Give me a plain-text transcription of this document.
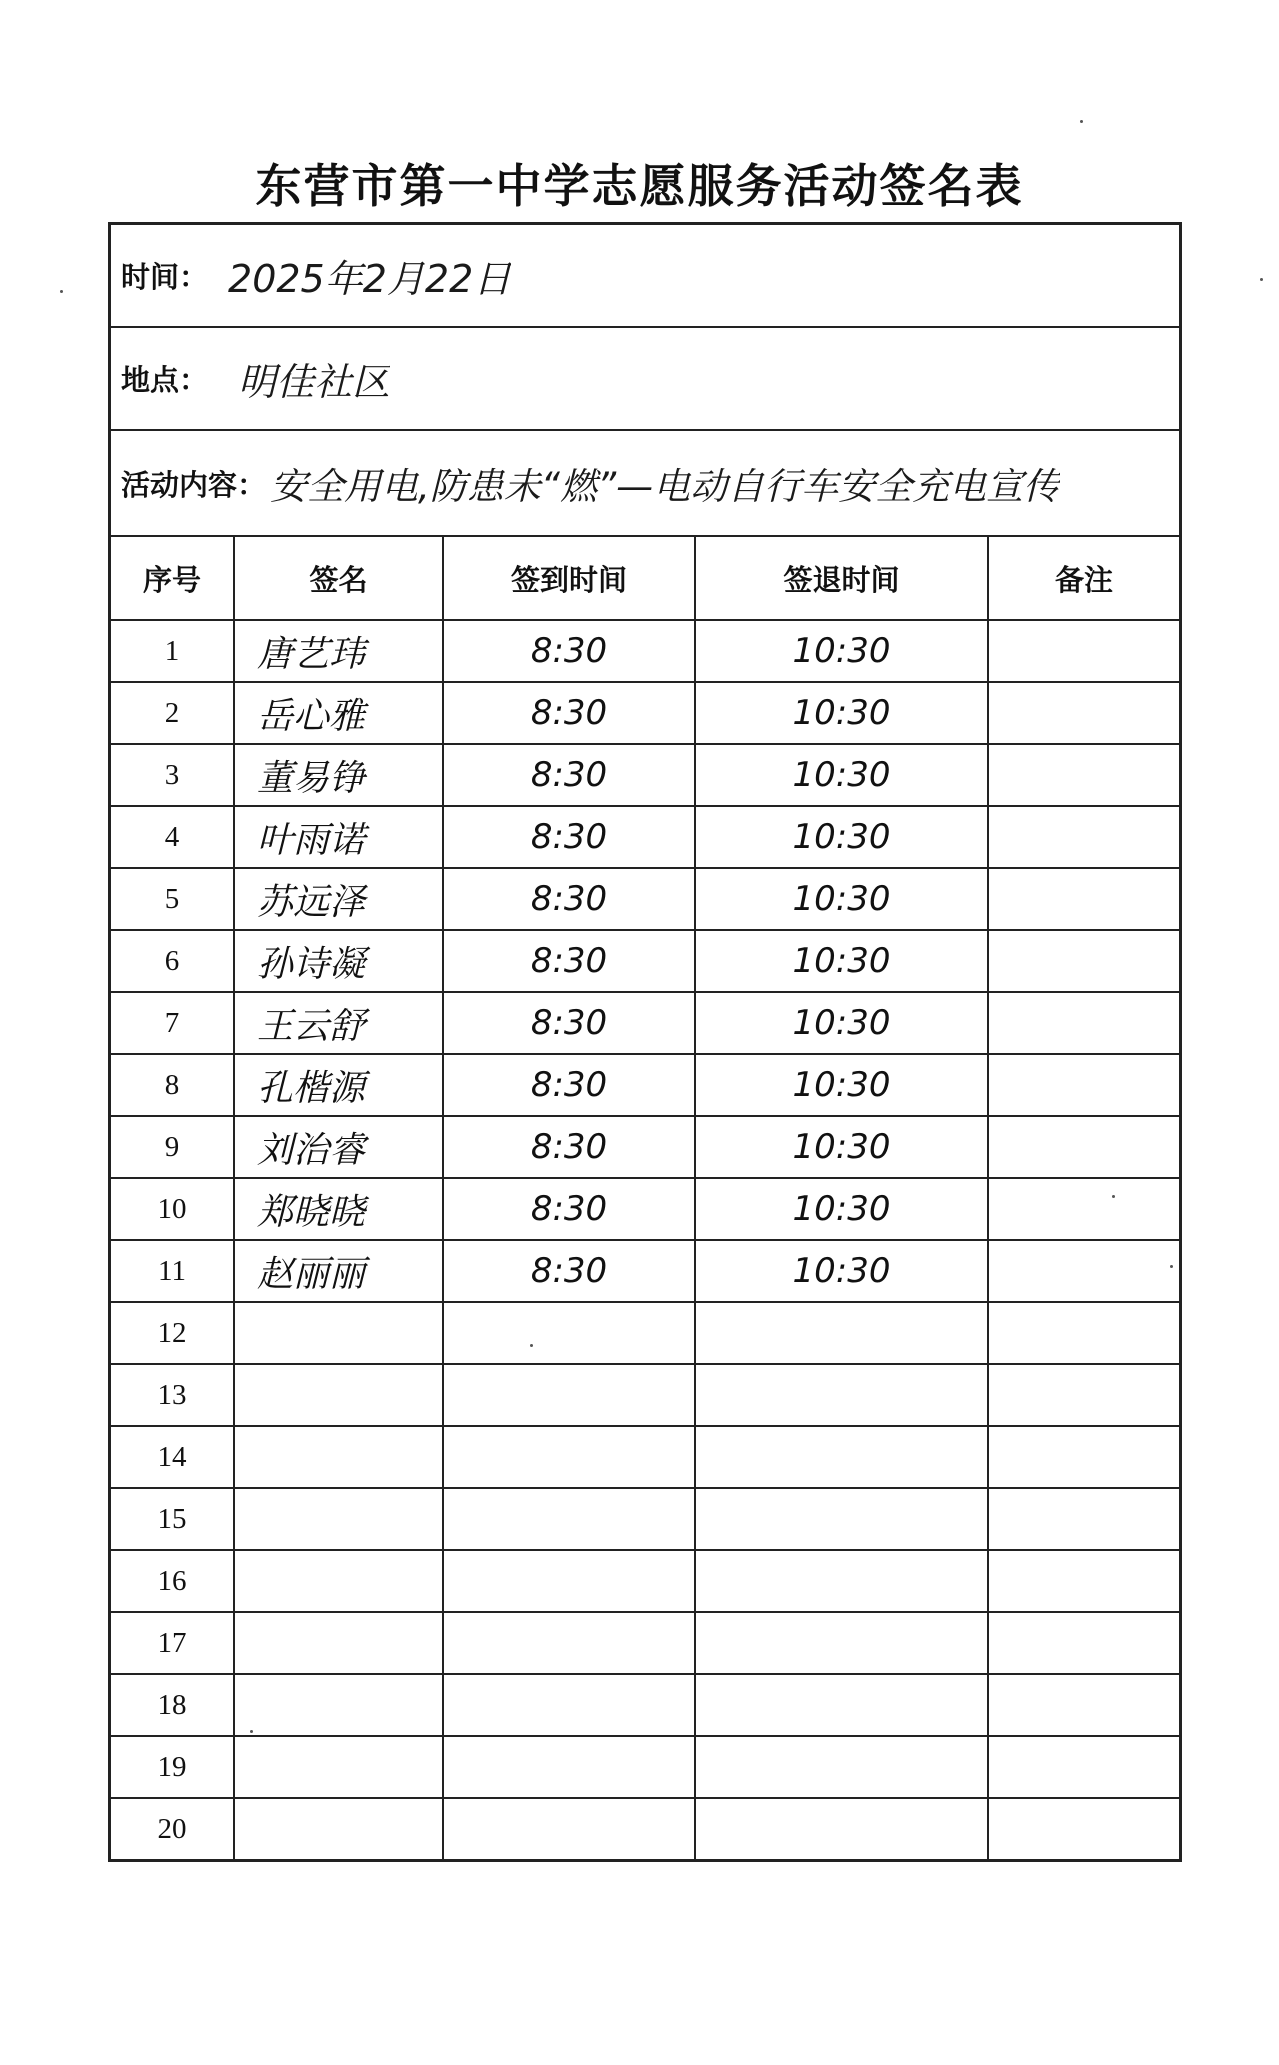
东营市第一中学志愿服务活动签名表
时间： 2025年2月22日
地点： 明佳社区
活动内容： 安全用电,防患未“燃”—电动自行车安全充电宣传
序号	签名	签到时间	签退时间	备注
1	唐艺玮	8:30	10:30	
2	岳心雅	8:30	10:30	
3	董易铮	8:30	10:30	
4	叶雨诺	8:30	10:30	
5	苏远泽	8:30	10:30	
6	孙诗凝	8:30	10:30	
7	王云舒	8:30	10:30	
8	孔楷源	8:30	10:30	
9	刘治睿	8:30	10:30	
10	郑晓晓	8:30	10:30	
11	赵丽丽	8:30	10:30	
12				
13				
14				
15				
16				
17				
18				
19				
20				
